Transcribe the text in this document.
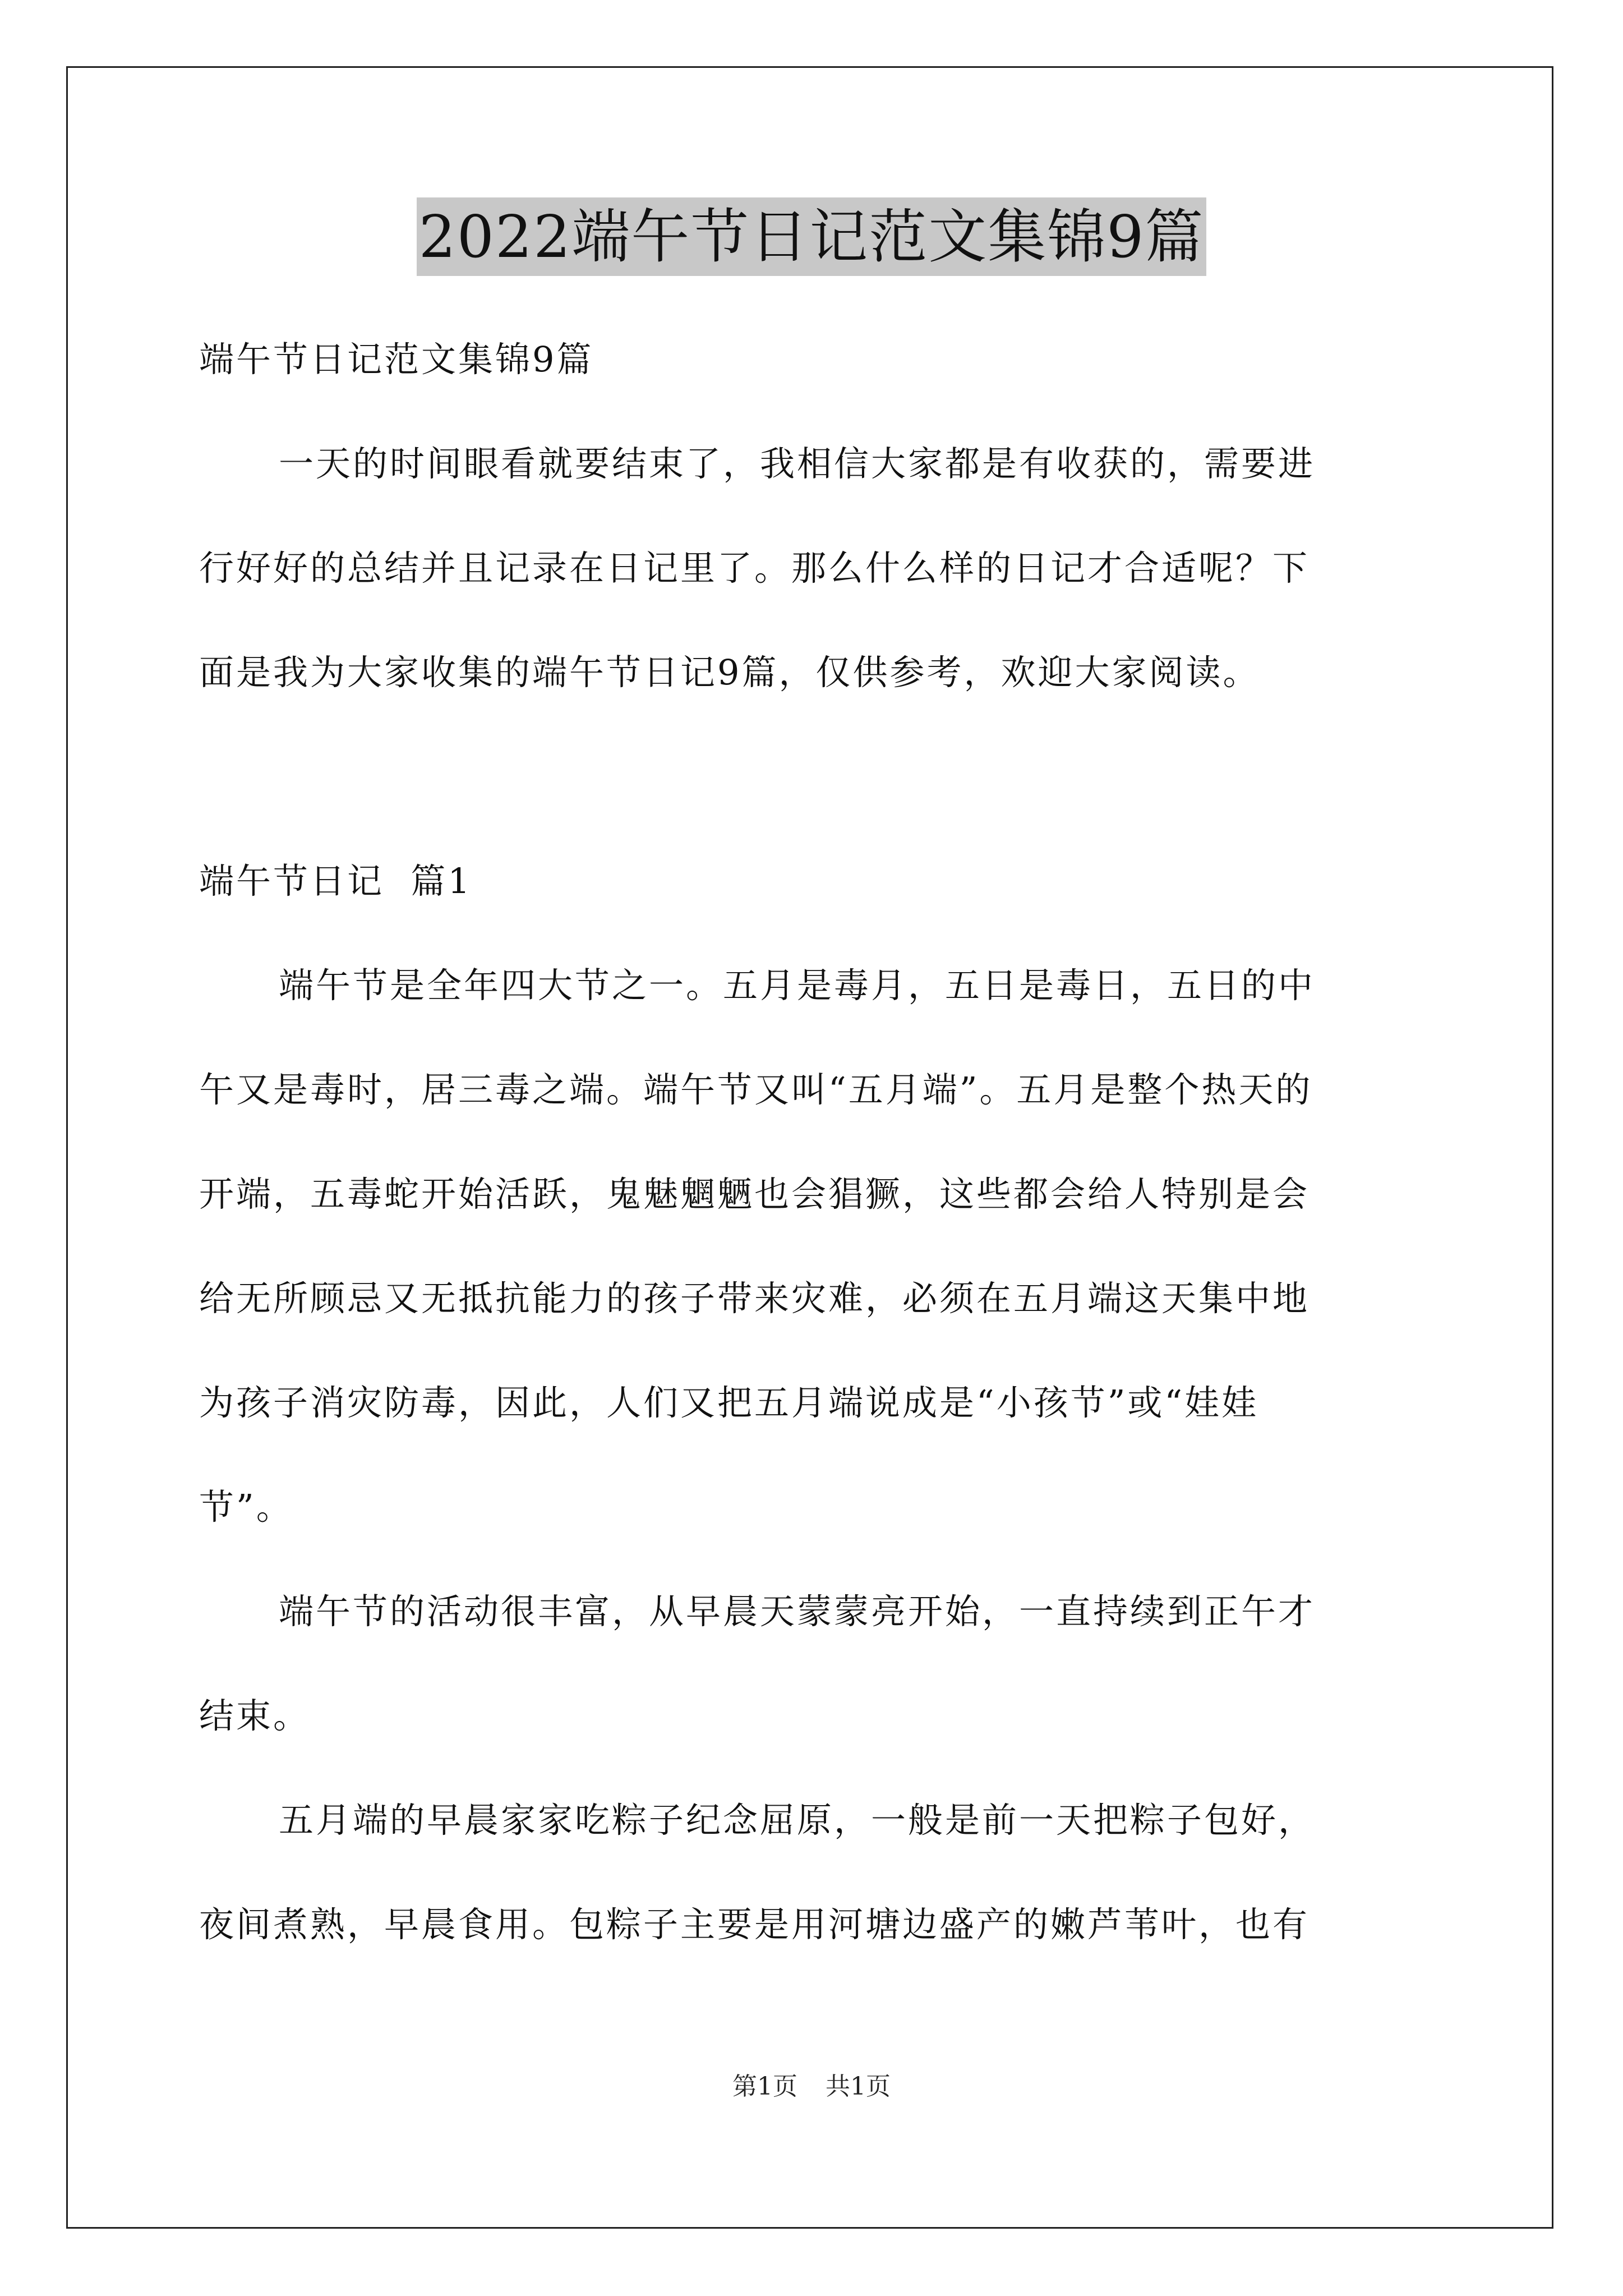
2022端午节日记范文集锦9篇
端午节日记范文集锦9篇
一天的时间眼看就要结束了，我相信大家都是有收获的，需要进
行好好的总结并且记录在日记里了。那么什么样的日记才合适呢？下
面是我为大家收集的端午节日记9篇，仅供参考，欢迎大家阅读。
端午节日记  篇1
端午节是全年四大节之一。五月是毒月，五日是毒日，五日的中
午又是毒时，居三毒之端。端午节又叫“五月端”。五月是整个热天的
开端，五毒蛇开始活跃，鬼魅魍魉也会猖獗，这些都会给人特别是会
给无所顾忌又无抵抗能力的孩子带来灾难，必须在五月端这天集中地
为孩子消灾防毒，因此，人们又把五月端说成是“小孩节”或“娃娃
节”。
端午节的活动很丰富，从早晨天蒙蒙亮开始，一直持续到正午才
结束。
五月端的早晨家家吃粽子纪念屈原，一般是前一天把粽子包好，
夜间煮熟，早晨食用。包粽子主要是用河塘边盛产的嫩芦苇叶，也有
第1页 共1页
